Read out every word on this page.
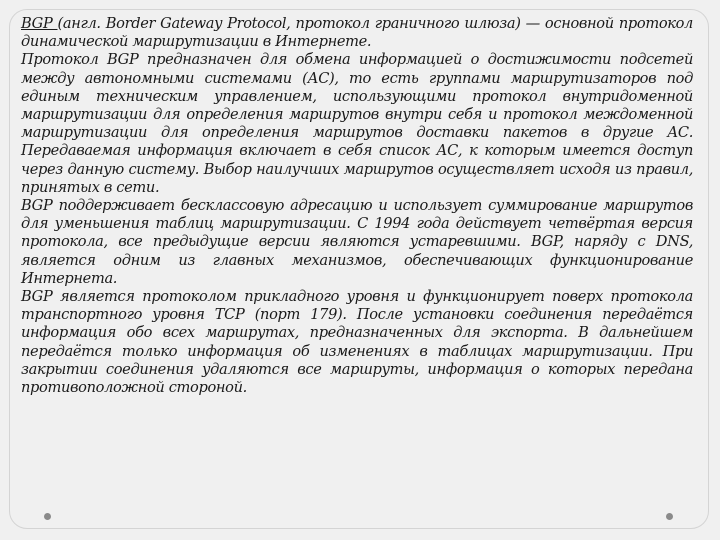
BGP (англ. Border Gateway Protocol, протокол граничного шлюза) — основной протокол динамической маршрутизации в Интернете.

Протокол BGP предназначен для обмена информацией о достижимости подсетей между автономными системами (АС), то есть группами маршрутизаторов под единым техническим управлением, использующими протокол внутридоменной маршрутизации для определения маршрутов внутри себя и протокол междоменной маршрутизации для определения маршрутов доставки пакетов в другие АС. Передаваемая информация включает в себя список АС, к которым имеется доступ через данную систему. Выбор наилучших маршрутов осуществляет исходя из правил, принятых в сети.

BGP поддерживает бесклассовую адресацию и использует суммирование маршрутов для уменьшения таблиц маршрутизации. С 1994 года действует четвёртая версия протокола, все предыдущие версии являются устаревшими. BGP, наряду с DNS, является одним из главных механизмов, обеспечивающих функционирование Интернета.

BGP является протоколом прикладного уровня и функционирует поверх протокола транспортного уровня TCP (порт 179). После установки соединения передаётся информация обо всех маршрутах, предназначенных для экспорта. В дальнейшем передаётся только информация об изменениях в таблицах маршрутизации. При закрытии соединения удаляются все маршруты, информация о которых передана противоположной стороной.
